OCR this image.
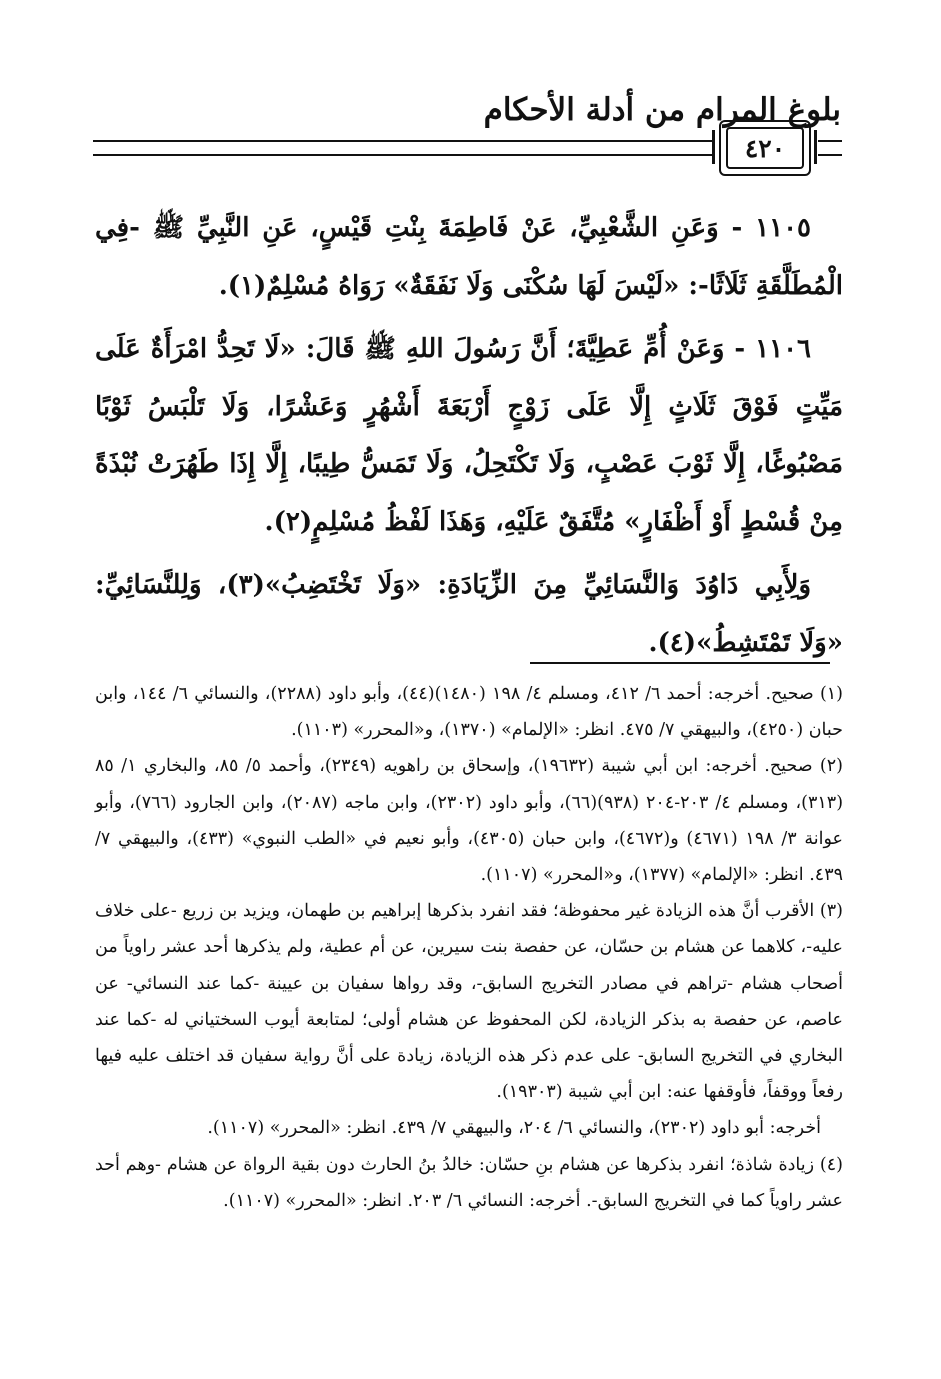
بلوغ المرام من أدلة الأحكام
٤٢٠

١١٠٥ - وَعَنِ الشَّعْبِيِّ، عَنْ فَاطِمَةَ بِنْتِ قَيْسٍ، عَنِ النَّبِيِّ ﷺ -فِي الْمُطَلَّقَةِ ثَلَاثًا-: «لَيْسَ لَهَا سُكْنَى وَلَا نَفَقَةٌ» رَوَاهُ مُسْلِمٌ(١).

١١٠٦ - وَعَنْ أُمِّ عَطِيَّةَ؛ أَنَّ رَسُولَ اللهِ ﷺ قَالَ: «لَا تَحِدُّ امْرَأَةٌ عَلَى مَيِّتٍ فَوْقَ ثَلَاثٍ إِلَّا عَلَى زَوْجٍ أَرْبَعَةَ أَشْهُرٍ وَعَشْرًا، وَلَا تَلْبَسُ ثَوْبًا مَصْبُوغًا، إِلَّا ثَوْبَ عَصْبٍ، وَلَا تَكْتَحِلُ، وَلَا تَمَسُّ طِيبًا، إِلَّا إِذَا طَهُرَتْ نُبْذَةً مِنْ قُسْطٍ أَوْ أَظْفَارٍ» مُتَّفَقٌ عَلَيْهِ، وَهَذَا لَفْظُ مُسْلِمٍ(٢).

وَلِأَبِي دَاوُدَ وَالنَّسَائِيِّ مِنَ الزِّيَادَةِ: «وَلَا تَخْتَضِبُ»(٣)، وَلِلنَّسَائِيِّ: «وَلَا تَمْتَشِطُ»(٤).

(١) صحيح. أخرجه: أحمد ٦/ ٤١٢، ومسلم ٤/ ١٩٨ (١٤٨٠)(٤٤)، وأبو داود (٢٢٨٨)، والنسائي ٦/ ١٤٤، وابن حبان (٤٢٥٠)، والبيهقي ٧/ ٤٧٥. انظر: «الإلمام» (١٣٧٠)، و«المحرر» (١١٠٣).

(٢) صحيح. أخرجه: ابن أبي شيبة (١٩٦٣٢)، وإسحاق بن راهويه (٢٣٤٩)، وأحمد ٥/ ٨٥، والبخاري ١/ ٨٥ (٣١٣)، ومسلم ٤/ ٢٠٣-٢٠٤ (٩٣٨)(٦٦)، وأبو داود (٢٣٠٢)، وابن ماجه (٢٠٨٧)، وابن الجارود (٧٦٦)، وأبو عوانة ٣/ ١٩٨ (٤٦٧١) و(٤٦٧٢)، وابن حبان (٤٣٠٥)، وأبو نعيم في «الطب النبوي» (٤٣٣)، والبيهقي ٧/ ٤٣٩. انظر: «الإلمام» (١٣٧٧)، و«المحرر» (١١٠٧).

(٣) الأقرب أنَّ هذه الزيادة غير محفوظة؛ فقد انفرد بذكرها إبراهيم بن طهمان، ويزيد بن زريع -على خلاف عليه-، كلاهما عن هشام بن حسّان، عن حفصة بنت سيرين، عن أم عطية، ولم يذكرها أحد عشر راوياً من أصحاب هشام -تراهم في مصادر التخريج السابق-، وقد رواها سفيان بن عيينة -كما عند النسائي- عن عاصم، عن حفصة به بذكر الزيادة، لكن المحفوظ عن هشام أولى؛ لمتابعة أيوب السختياني له -كما عند البخاري في التخريج السابق- على عدم ذكر هذه الزيادة، زيادة على أنَّ رواية سفيان قد اختلف عليه فيها رفعاً ووقفاً، فأوقفها عنه: ابن أبي شيبة (١٩٣٠٣).

أخرجه: أبو داود (٢٣٠٢)، والنسائي ٦/ ٢٠٤، والبيهقي ٧/ ٤٣٩. انظر: «المحرر» (١١٠٧).

(٤) زيادة شاذة؛ انفرد بذكرها عن هشام بنِ حسّان: خالدُ بنُ الحارث دون بقية الرواة عن هشام -وهم أحد عشر راوياً كما في التخريج السابق-. أخرجه: النسائي ٦/ ٢٠٣. انظر: «المحرر» (١١٠٧).
